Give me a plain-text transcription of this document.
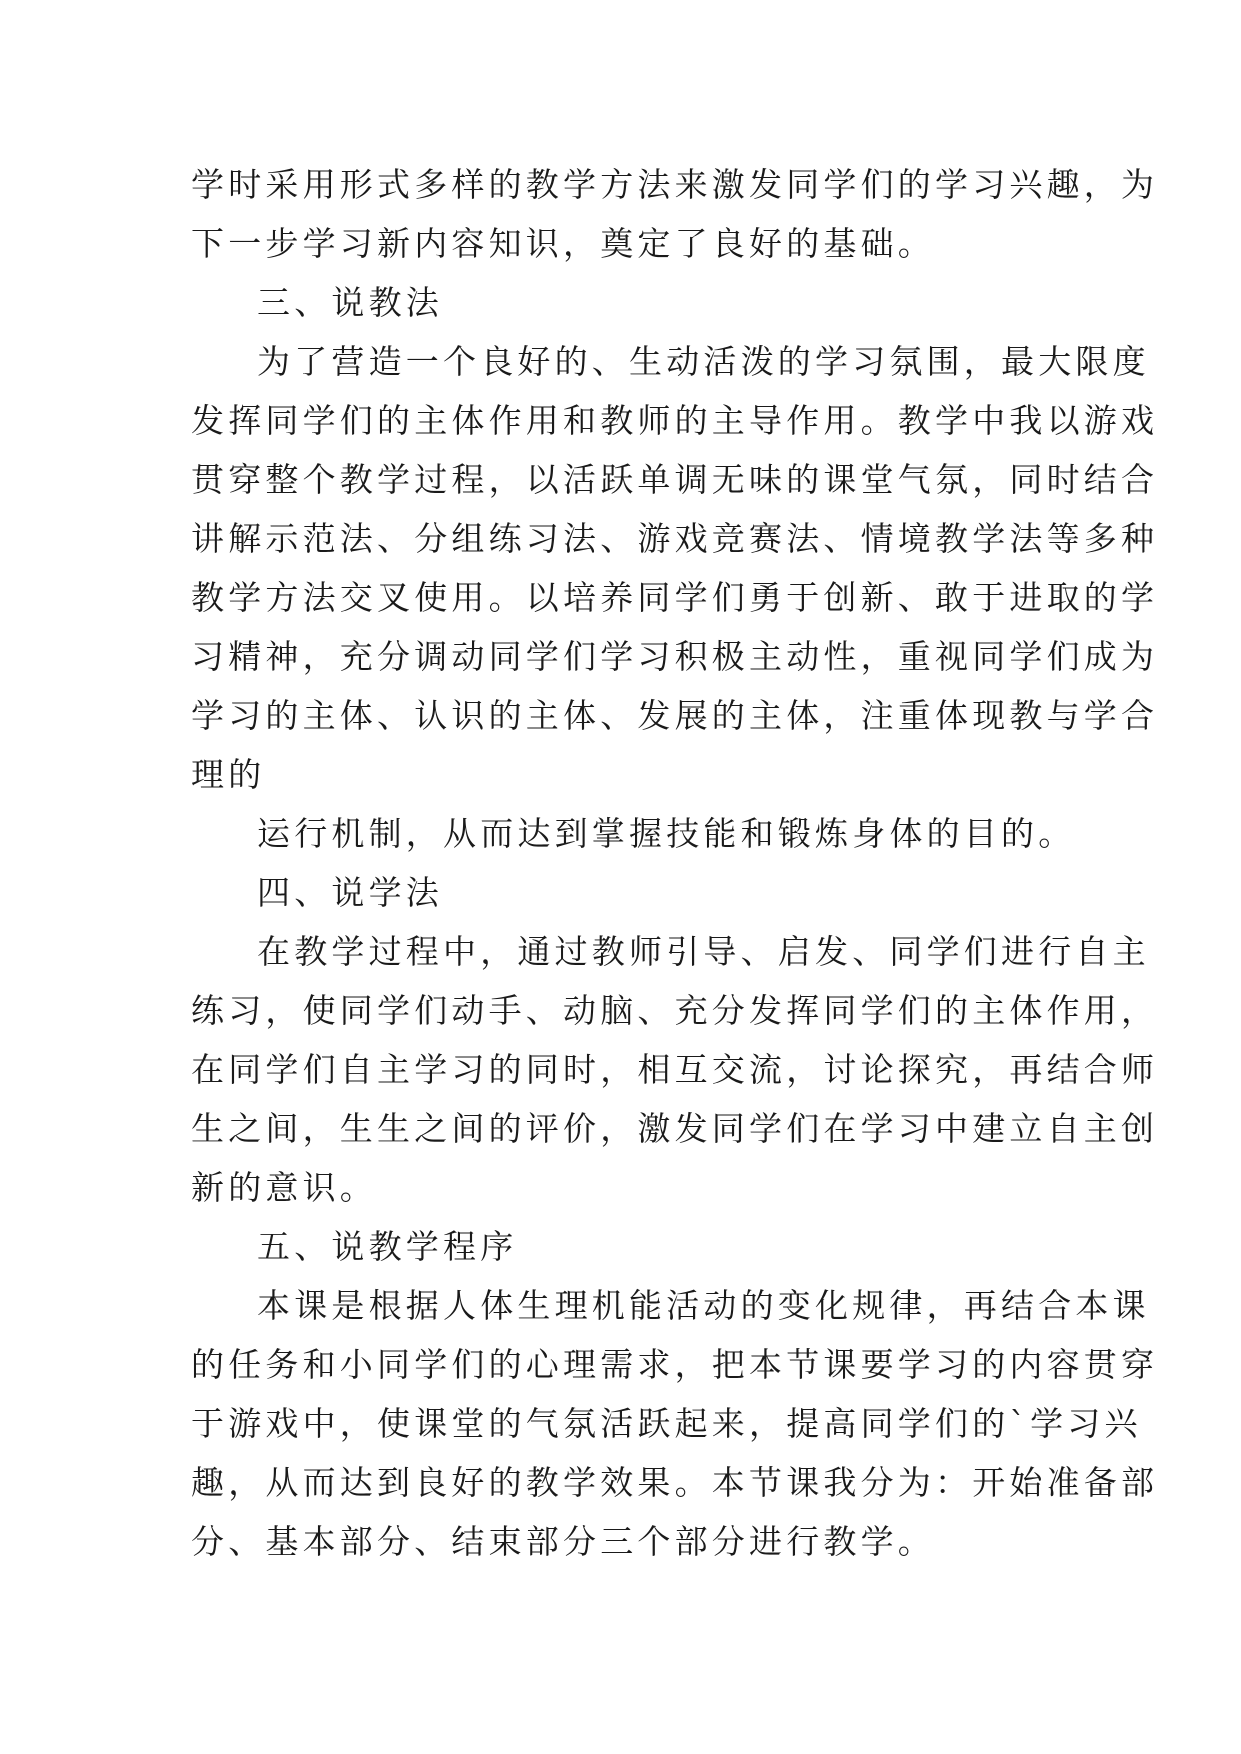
学时采用形式多样的教学方法来激发同学们的学习兴趣，为
下一步学习新内容知识，奠定了良好的基础。
三、说教法
为了营造一个良好的、生动活泼的学习氛围，最大限度
发挥同学们的主体作用和教师的主导作用。教学中我以游戏
贯穿整个教学过程，以活跃单调无味的课堂气氛，同时结合
讲解示范法、分组练习法、游戏竞赛法、情境教学法等多种
教学方法交叉使用。以培养同学们勇于创新、敢于进取的学
习精神，充分调动同学们学习积极主动性，重视同学们成为
学习的主体、认识的主体、发展的主体，注重体现教与学合
理的
运行机制，从而达到掌握技能和锻炼身体的目的。
四、说学法
在教学过程中，通过教师引导、启发、同学们进行自主
练习，使同学们动手、动脑、充分发挥同学们的主体作用，
在同学们自主学习的同时，相互交流，讨论探究，再结合师
生之间，生生之间的评价，激发同学们在学习中建立自主创
新的意识。
五、说教学程序
本课是根据人体生理机能活动的变化规律，再结合本课
的任务和小同学们的心理需求，把本节课要学习的内容贯穿
于游戏中，使课堂的气氛活跃起来，提高同学们的`学习兴
趣，从而达到良好的教学效果。本节课我分为：开始准备部
分、基本部分、结束部分三个部分进行教学。
